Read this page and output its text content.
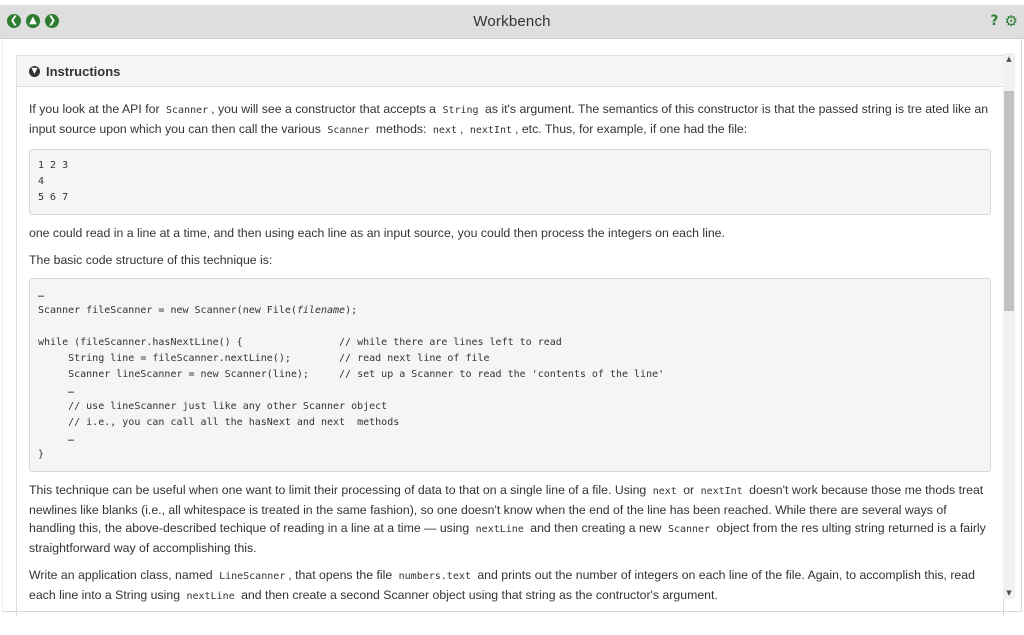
Workbench
❮	▲	❯	? ⚙
▼ Instructions

If you look at the API for Scanner , you will see a constructor that accepts a String as it's argument. The semantics of this constructor is that the passed string is tre ated like an input source upon which you can then call the various Scanner methods: next , nextInt , etc. Thus, for example, if one had the file:

1 2 3
4
5 6 7

one could read in a line at a time, and then using each line as an input source, you could then process the integers on each line.

The basic code structure of this technique is:

…
Scanner fileScanner = new Scanner(new File(filename);

while (fileScanner.hasNextLine() {                // while there are lines left to read
String line = fileScanner.nextLine();        // read next line of file
Scanner lineScanner = new Scanner(line);     // set up a Scanner to read the 'contents of the line'
…
// use lineScanner just like any other Scanner object
// i.e., you can call all the hasNext and next  methods
…
}

This technique can be useful when one want to limit their processing of data to that on a single line of a file. Using next or nextInt doesn't work because those me thods treat newlines like blanks (i.e., all whitespace is treated in the same fashion), so one doesn't know when the end of the line has been reached. While there are several ways of handling this, the above-described techique of reading in a line at a time — using nextLine and then creating a new Scanner object from the res ulting string returned is a fairly straightforward way of accomplishing this.

Write an application class, named LineScanner , that opens the file numbers.text and prints out the number of integers on each line of the file. Again, to accomplish this, read each line into a String using nextLine and then create a second Scanner object using that string as the contructor's argument.

▲
▼
